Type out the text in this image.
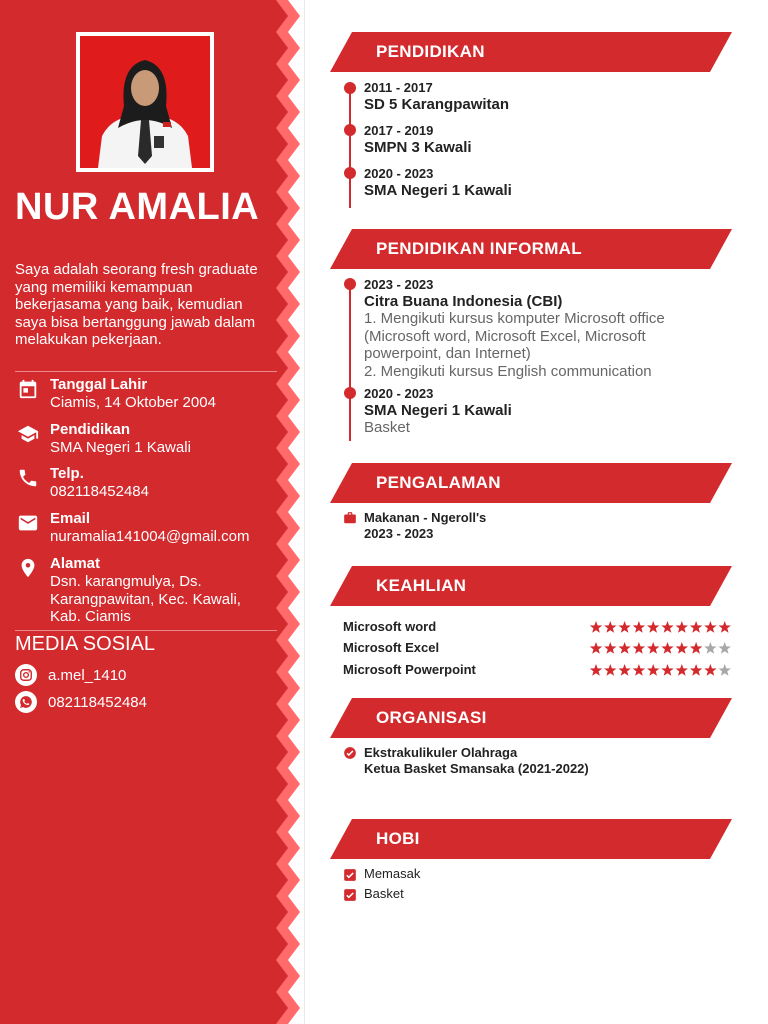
NUR AMALIA

Saya adalah seorang fresh graduate yang memiliki kemampuan bekerjasama yang baik, kemudian saya bisa bertanggung jawab dalam melakukan pekerjaan.

Tanggal Lahir
Ciamis, 14 Oktober 2004
Pendidikan
SMA Negeri 1 Kawali
Telp.
082118452484
Email
nuramalia141004@gmail.com
Alamat
Dsn. karangmulya, Ds.
Karangpawitan, Kec. Kawali,
Kab. Ciamis
MEDIA SOSIAL
a.mel_1410
082118452484
PENDIDIKAN
2011 - 2017
SD 5 Karangpawitan
2017 - 2019
SMPN 3 Kawali
2020 - 2023
SMA Negeri 1 Kawali
PENDIDIKAN INFORMAL
2023 - 2023
Citra Buana Indonesia (CBI)
1. Mengikuti kursus komputer Microsoft office
(Microsoft word, Microsoft Excel, Microsoft
powerpoint, dan Internet)
2. Mengikuti kursus English communication
2020 - 2023
SMA Negeri 1 Kawali
Basket
PENGALAMAN
Makanan - Ngeroll's
2023 - 2023
KEAHLIAN
Microsoft word
Microsoft Excel
Microsoft Powerpoint
ORGANISASI
Ekstrakulikuler Olahraga
Ketua Basket Smansaka (2021-2022)
HOBI
Memasak
Basket
